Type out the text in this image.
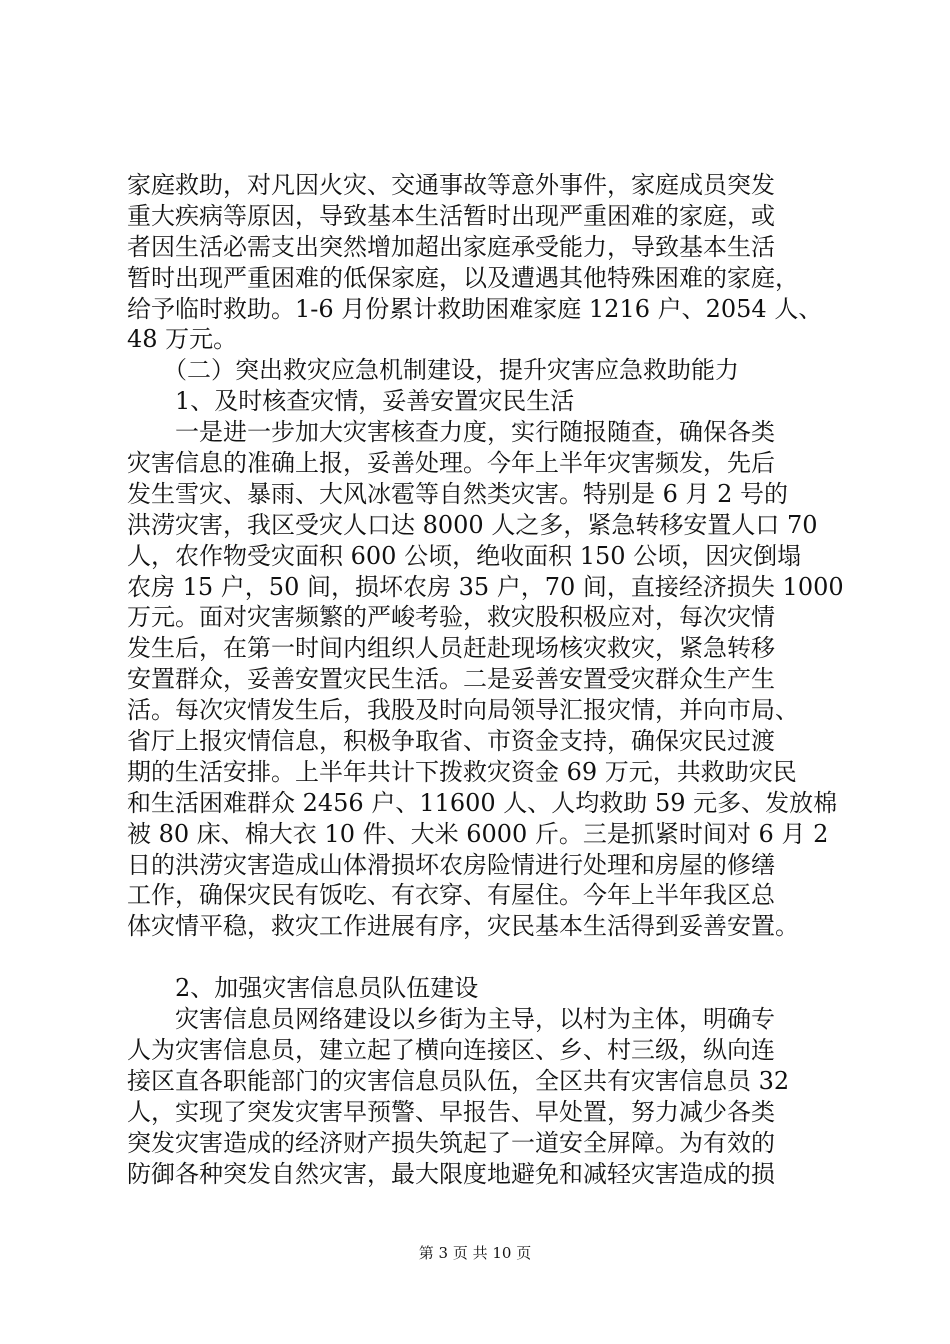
家庭救助，对凡因火灾、交通事故等意外事件，家庭成员突发
重大疾病等原因，导致基本生活暂时出现严重困难的家庭，或
者因生活必需支出突然增加超出家庭承受能力，导致基本生活
暂时出现严重困难的低保家庭，以及遭遇其他特殊困难的家庭，
给予临时救助。1-6 月份累计救助困难家庭 1216 户、2054 人、
48 万元。
　　（二）突出救灾应急机制建设，提升灾害应急救助能力
　　1、及时核查灾情，妥善安置灾民生活
　　一是进一步加大灾害核查力度，实行随报随查，确保各类
灾害信息的准确上报，妥善处理。今年上半年灾害频发，先后
发生雪灾、暴雨、大风冰雹等自然类灾害。特别是 6 月 2 号的
洪涝灾害，我区受灾人口达 8000 人之多，紧急转移安置人口 70
人，农作物受灾面积 600 公顷，绝收面积 150 公顷，因灾倒塌
农房 15 户，50 间，损坏农房 35 户，70 间，直接经济损失 1000
万元。面对灾害频繁的严峻考验，救灾股积极应对，每次灾情
发生后，在第一时间内组织人员赶赴现场核灾救灾，紧急转移
安置群众，妥善安置灾民生活。二是妥善安置受灾群众生产生
活。每次灾情发生后，我股及时向局领导汇报灾情，并向市局、
省厅上报灾情信息，积极争取省、市资金支持，确保灾民过渡
期的生活安排。上半年共计下拨救灾资金 69 万元，共救助灾民
和生活困难群众 2456 户、11600 人、人均救助 59 元多、发放棉
被 80 床、棉大衣 10 件、大米 6000 斤。三是抓紧时间对 6 月 2
日的洪涝灾害造成山体滑损坏农房险情进行处理和房屋的修缮
工作，确保灾民有饭吃、有衣穿、有屋住。今年上半年我区总
体灾情平稳，救灾工作进展有序，灾民基本生活得到妥善安置。
　　2、加强灾害信息员队伍建设
　　灾害信息员网络建设以乡街为主导，以村为主体，明确专
人为灾害信息员，建立起了横向连接区、乡、村三级，纵向连
接区直各职能部门的灾害信息员队伍，全区共有灾害信息员 32
人，实现了突发灾害早预警、早报告、早处置，努力减少各类
突发灾害造成的经济财产损失筑起了一道安全屏障。为有效的
防御各种突发自然灾害，最大限度地避免和减轻灾害造成的损
第 3 页 共 10 页
